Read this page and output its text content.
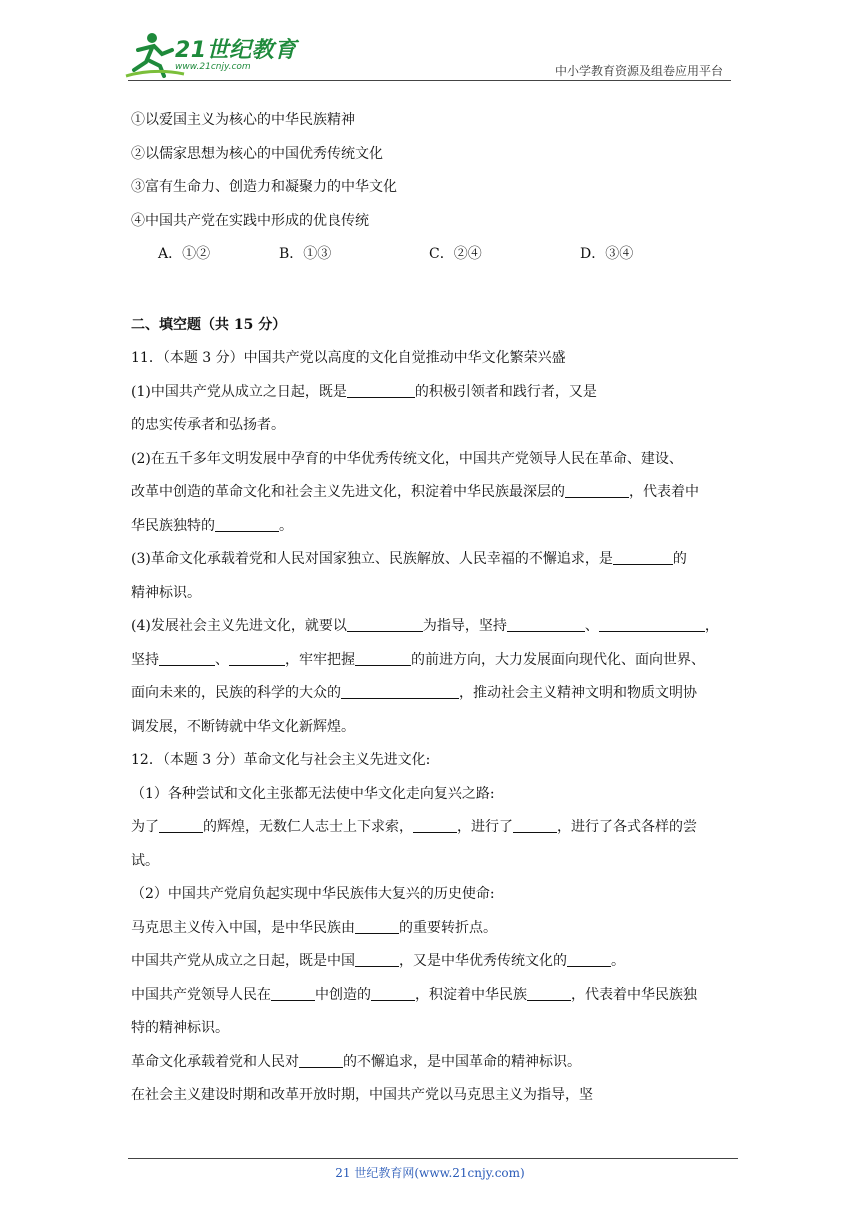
21世纪教育
www.21cnjy.com	中小学教育资源及组卷应用平台
①以爱国主义为核心的中华民族精神
②以儒家思想为核心的中国优秀传统文化
③富有生命力、创造力和凝聚力的中华文化
④中国共产党在实践中形成的优良传统
A．①②	B．①③	C．②④	D．③④
二、填空题（共 15 分）
11．（本题 3 分）中国共产党以高度的文化自觉推动中华文化繁荣兴盛
(1)中国共产党从成立之日起，既是	的积极引领者和践行者，又是
的忠实传承者和弘扬者。
(2)在五千多年文明发展中孕育的中华优秀传统文化，中国共产党领导人民在革命、建设、
改革中创造的革命文化和社会主义先进文化，积淀着中华民族最深层的	，代表着中
华民族独特的	。
(3)革命文化承载着党和人民对国家独立、民族解放、人民幸福的不懈追求，是	的
精神标识。
(4)发展社会主义先进文化，就要以	为指导，坚持	、	，
坚持	、	，牢牢把握	的前进方向，大力发展面向现代化、面向世界、
面向未来的，民族的科学的大众的	，推动社会主义精神文明和物质文明协
调发展，不断铸就中华文化新辉煌。
12．（本题 3 分）革命文化与社会主义先进文化:
（1）各种尝试和文化主张都无法使中华文化走向复兴之路:
为了	的辉煌，无数仁人志士上下求索，	，进行了	，进行了各式各样的尝
试。
（2）中国共产党肩负起实现中华民族伟大复兴的历史使命:
马克思主义传入中国，是中华民族由	的重要转折点。
中国共产党从成立之日起，既是中国	，又是中华优秀传统文化的	。
中国共产党领导人民在	中创造的	，积淀着中华民族	，代表着中华民族独
特的精神标识。
革命文化承载着党和人民对	的不懈追求，是中国革命的精神标识。
在社会主义建设时期和改革开放时期，中国共产党以马克思主义为指导，坚
21 世纪教育网(www.21cnjy.com)
